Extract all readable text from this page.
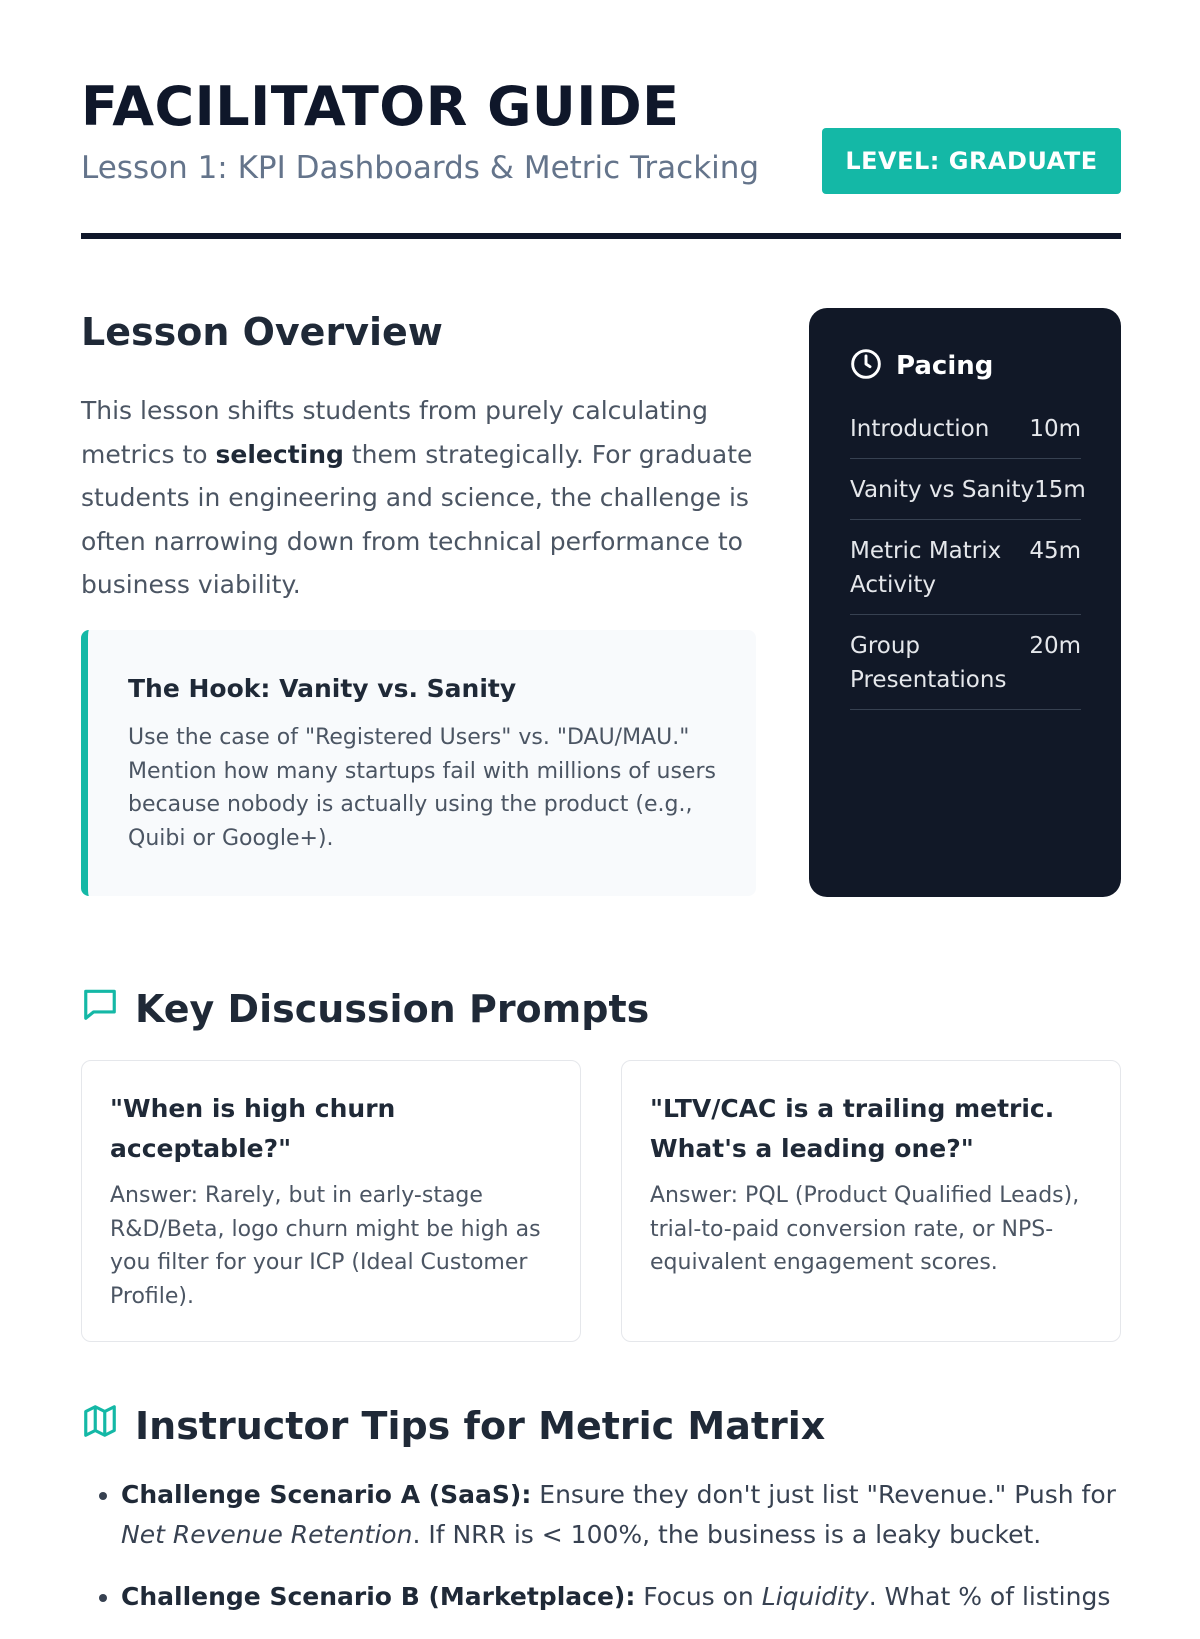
FACILITATOR GUIDE
Lesson 1: KPI Dashboards & Metric Tracking	LEVEL: GRADUATE
Lesson Overview

This lesson shifts students from purely calculating metrics to selecting them strategically. For graduate students in engineering and science, the challenge is often narrowing down from technical performance to business viability.

The Hook: Vanity vs. Sanity

Use the case of "Registered Users" vs. "DAU/MAU." Mention how many startups fail with millions of users because nobody is actually using the product (e.g., Quibi or Google+).

Pacing
Introduction 10m
Vanity vs Sanity 15m
Metric Matrix Activity
45m
Group Presentations
20m
Key Discussion Prompts

"When is high churn acceptable?"

Answer: Rarely, but in early-stage R&D/Beta, logo churn might be high as you filter for your ICP (Ideal Customer Profile).

"LTV/CAC is a trailing metric. What's a leading one?"

Answer: PQL (Product Qualified Leads), trial-to-paid conversion rate, or NPS-equivalent engagement scores.

Instructor Tips for Metric Matrix
• Challenge Scenario A (SaaS): Ensure they don't just list "Revenue." Push for Net Revenue Retention. If NRR is < 100%, the business is a leaky bucket.
• Challenge Scenario B (Marketplace): Focus on Liquidity. What % of listings
